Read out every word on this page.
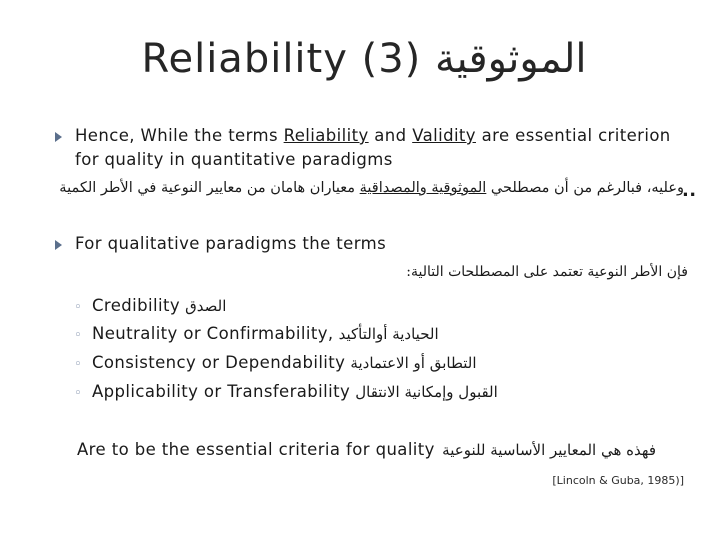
Reliability (3) الموثوقية
Hence, While the terms Reliability and Validity are essential criterion
for quality in quantitative paradigms
وعليه، فبالرغم من أن مصطلحي الموثوقية والمصداقية معياران هامان من معايير النوعية في الأطر الكمية	..
For qualitative paradigms the terms
فإن الأطر النوعية تعتمد على المصطلحات التالية:
◦ Credibility الصدق
◦ Neutrality or Confirmability, الحيادية أوالتأكيد
◦ Consistency or Dependability التطابق أو الاعتمادية
◦ Applicability or Transferability القبول وإمكانية الانتقال
Are to be the essential criteria for quality فهذه هي المعايير الأساسية للنوعية
[Lincoln & Guba, 1985)]
